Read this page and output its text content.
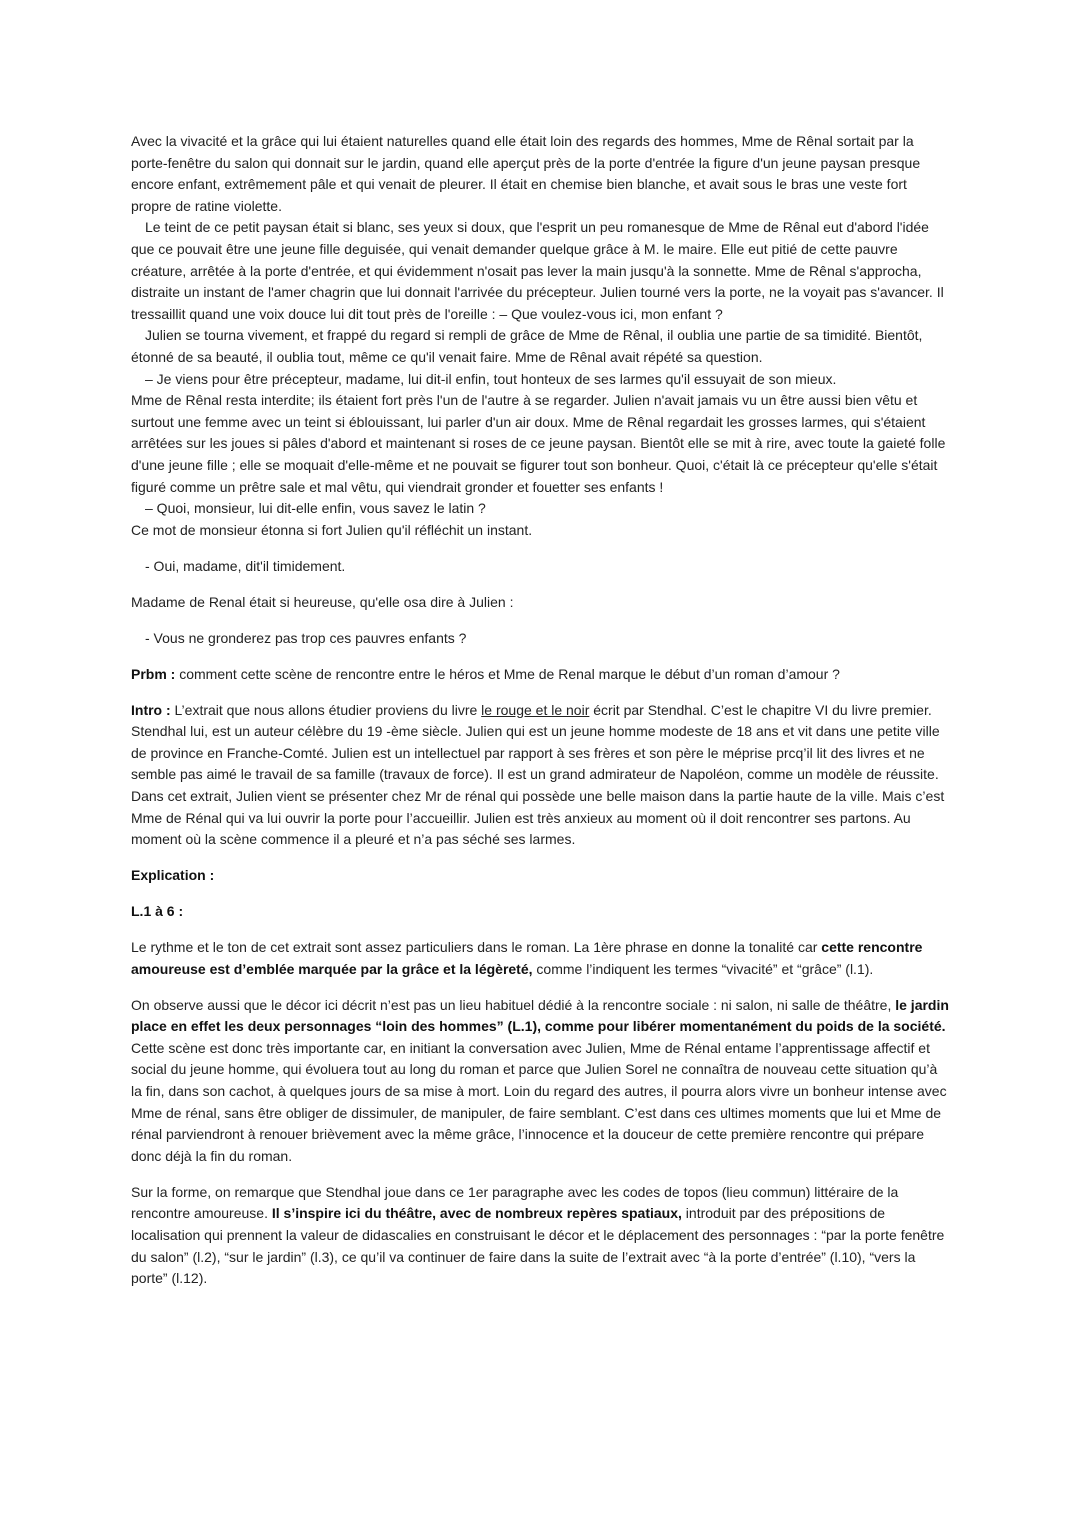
Avec la vivacité et la grâce qui lui étaient naturelles quand elle était loin des regards des hommes, Mme de Rênal sortait par la porte-fenêtre du salon qui donnait sur le jardin, quand elle aperçut près de la porte d'entrée la figure d'un jeune paysan presque encore enfant, extrêmement pâle et qui venait de pleurer. Il était en chemise bien blanche, et avait sous le bras une veste fort propre de ratine violette.

Le teint de ce petit paysan était si blanc, ses yeux si doux, que l'esprit un peu romanesque de Mme de Rênal eut d'abord l'idée que ce pouvait être une jeune fille deguisée, qui venait demander quelque grâce à M. le maire. Elle eut pitié de cette pauvre créature, arrêtée à la porte d'entrée, et qui évidemment n'osait pas lever la main jusqu'à la sonnette. Mme de Rênal s'approcha, distraite un instant de l'amer chagrin que lui donnait l'arrivée du précepteur. Julien tourné vers la porte, ne la voyait pas s'avancer. Il tressaillit quand une voix douce lui dit tout près de l'oreille : – Que voulez-vous ici, mon enfant ?

Julien se tourna vivement, et frappé du regard si rempli de grâce de Mme de Rênal, il oublia une partie de sa timidité. Bientôt, étonné de sa beauté, il oublia tout, même ce qu'il venait faire. Mme de Rênal avait répété sa question.

– Je viens pour être précepteur, madame, lui dit-il enfin, tout honteux de ses larmes qu'il essuyait de son mieux.

Mme de Rênal resta interdite; ils étaient fort près l'un de l'autre à se regarder. Julien n'avait jamais vu un être aussi bien vêtu et surtout une femme avec un teint si éblouissant, lui parler d'un air doux. Mme de Rênal regardait les grosses larmes, qui s'étaient arrêtées sur les joues si pâles d'abord et maintenant si roses de ce jeune paysan. Bientôt elle se mit à rire, avec toute la gaieté folle d'une jeune fille ; elle se moquait d'elle-même et ne pouvait se figurer tout son bonheur. Quoi, c'était là ce précepteur qu'elle s'était figuré comme un prêtre sale et mal vêtu, qui viendrait gronder et fouetter ses enfants !

– Quoi, monsieur, lui dit-elle enfin, vous savez le latin ?

Ce mot de monsieur étonna si fort Julien qu'il réfléchit un instant.

- Oui, madame, dit'il timidement.

Madame de Renal était si heureuse, qu'elle osa dire à Julien :

- Vous ne gronderez pas trop ces pauvres enfants ?

Prbm : comment cette scène de rencontre entre le héros et Mme de Renal marque le début d’un roman d’amour ?

Intro : L’extrait que nous allons étudier proviens du livre le rouge et le noir écrit par Stendhal. C’est le chapitre VI du livre premier. Stendhal lui, est un auteur célèbre du 19 -ème siècle. Julien qui est un jeune homme modeste de 18 ans et vit dans une petite ville de province en Franche-Comté. Julien est un intellectuel par rapport à ses frères et son père le méprise prcq’il lit des livres et ne semble pas aimé le travail de sa famille (travaux de force). Il est un grand admirateur de Napoléon, comme un modèle de réussite. Dans cet extrait, Julien vient se présenter chez Mr de rénal qui possède une belle maison dans la partie haute de la ville. Mais c’est Mme de Rénal qui va lui ouvrir la porte pour l’accueillir. Julien est très anxieux au moment où il doit rencontrer ses partons. Au moment où la scène commence il a pleuré et n’a pas séché ses larmes.

Explication :

L.1 à 6 :

Le rythme et le ton de cet extrait sont assez particuliers dans le roman. La 1ère phrase en donne la tonalité car cette rencontre amoureuse est d’emblée marquée par la grâce et la légèreté, comme l’indiquent les termes “vivacité” et “grâce” (l.1).

On observe aussi que le décor ici décrit n’est pas un lieu habituel dédié à la rencontre sociale : ni salon, ni salle de théâtre, le jardin place en effet les deux personnages “loin des hommes” (L.1), comme pour libérer momentanément du poids de la société. Cette scène est donc très importante car, en initiant la conversation avec Julien, Mme de Rénal entame l’apprentissage affectif et social du jeune homme, qui évoluera tout au long du roman et parce que Julien Sorel ne connaîtra de nouveau cette situation qu’à la fin, dans son cachot, à quelques jours de sa mise à mort. Loin du regard des autres, il pourra alors vivre un bonheur intense avec Mme de rénal, sans être obliger de dissimuler, de manipuler, de faire semblant. C’est dans ces ultimes moments que lui et Mme de rénal parviendront à renouer brièvement avec la même grâce, l’innocence et la douceur de cette première rencontre qui prépare donc déjà la fin du roman.

Sur la forme, on remarque que Stendhal joue dans ce 1er paragraphe avec les codes de topos (lieu commun) littéraire de la rencontre amoureuse. Il s’inspire ici du théâtre, avec de nombreux repères spatiaux, introduit par des prépositions de localisation qui prennent la valeur de didascalies en construisant le décor et le déplacement des personnages : “par la porte fenêtre du salon” (l.2), “sur le jardin” (l.3), ce qu’il va continuer de faire dans la suite de l’extrait avec “à la porte d’entrée” (l.10), “vers la porte” (l.12).
